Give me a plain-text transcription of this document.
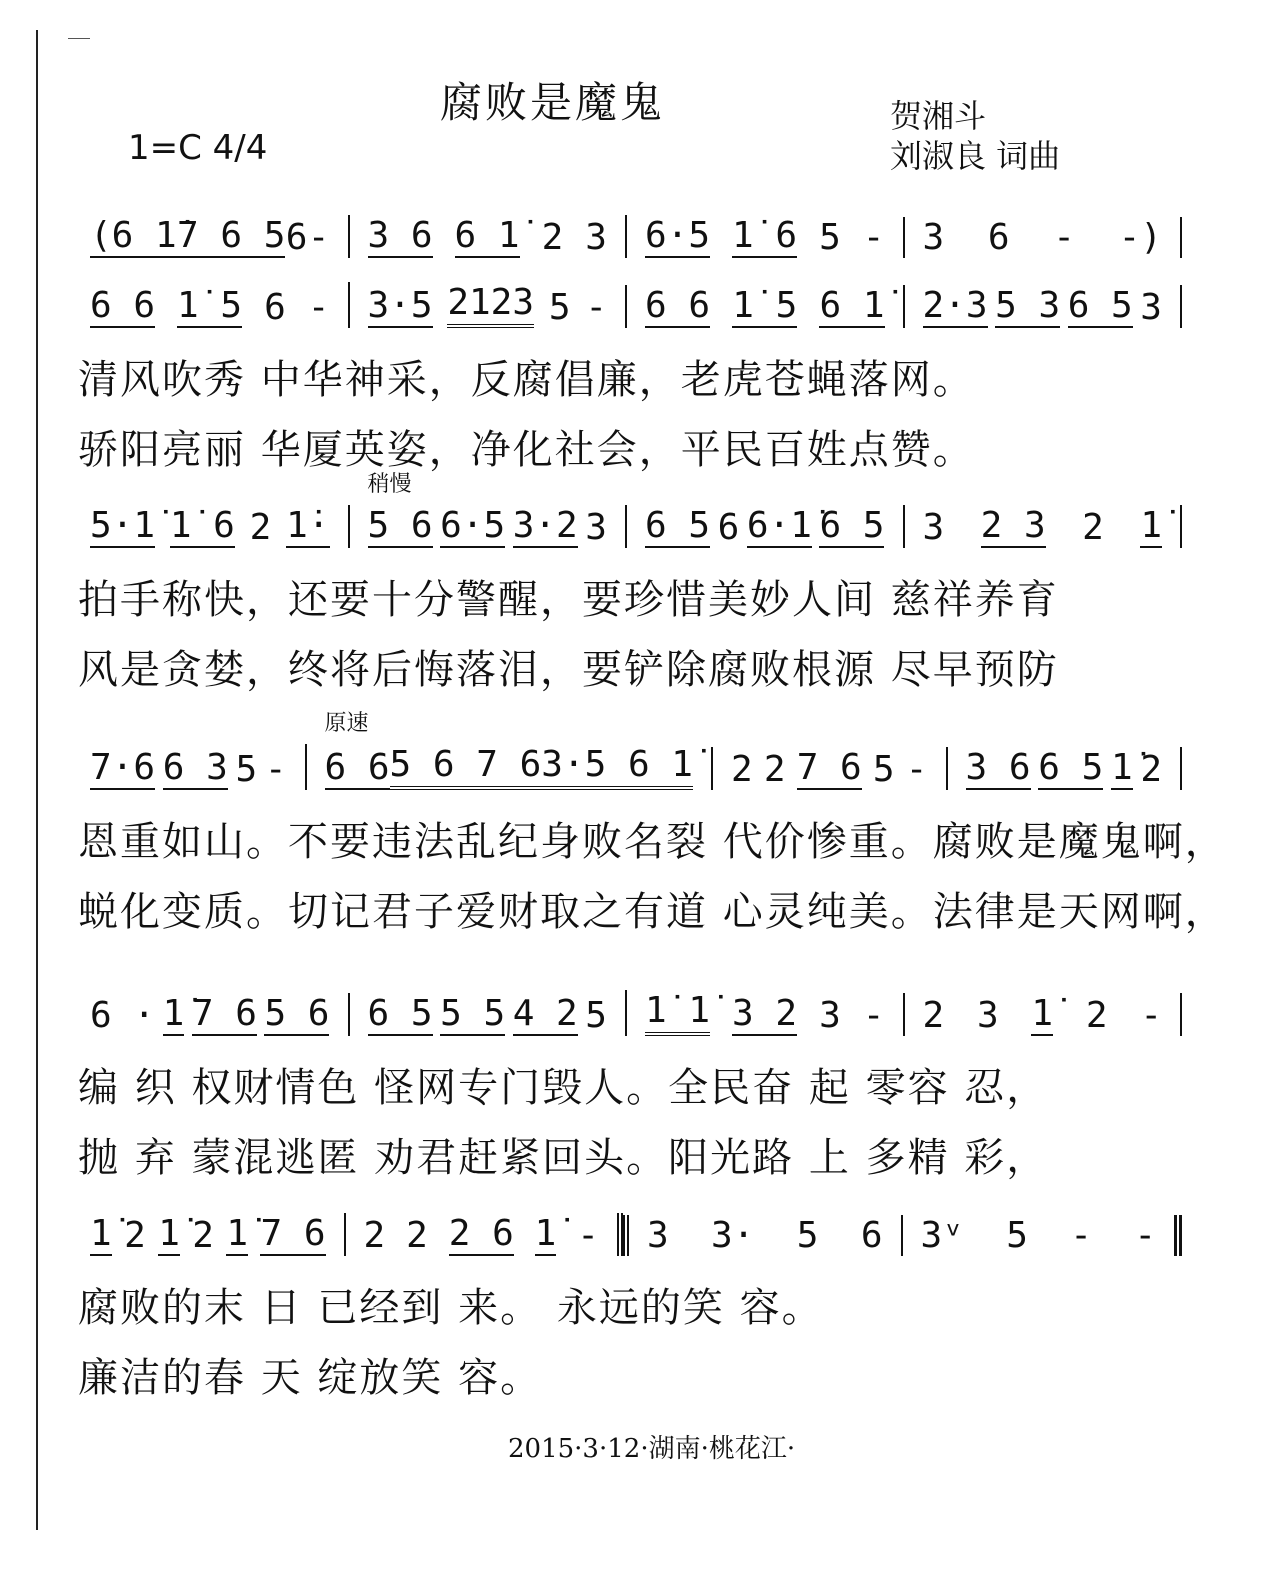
腐败是魔鬼
1=C 4/4
贺湘斗
刘淑良 词曲
(6 1̇ 7 6 5 6 - 3 6 6 1̇ 2 3 6·5 1̇ 6 5 - 3 6 - -)
6 6 1̇ 5 6 - 3·5 2123 5 - 6 6 1̇ 5 6 1̇ 2·3 5 3 6 5 3
清风吹秀 中华神采，反腐倡廉，老虎苍蝇落网。
骄阳亮丽 华厦英姿，净化社会，平民百姓点赞。
5·1̇ 1̇ 6 2 1̇·
稍慢
5 6 6·5 3·2 3 6 5 6 6·1̇ 6 5 3 2 3 2 1̇
拍手称快，还要十分警醒，要珍惜美妙人间 慈祥养育
风是贪婪，终将后悔落泪，要铲除腐败根源 尽早预防
7·6 6 3 5 -
原速
6 6 5 6 7 6 3·5 6 1̇ 2 2 7 6 5 - 3 6 6 5 1̇ 2
恩重如山。不要违法乱纪身败名裂 代价惨重。腐败是魔鬼啊，
蜕化变质。切记君子爱财取之有道 心灵纯美。法律是天网啊，
6 · 1̇ 7 6 5 6 6 5 5 5 4 2 5 1̇ 1̇ 3 2 3 - 2 3 1̇ 2 -
编 织 权财情色 怪网专门毁人。全民奋 起 零容 忍，
抛 弃 蒙混逃匿 劝君赶紧回头。阳光路 上 多精 彩，
1̇ 2 1̇ 2 1̇ 7 6 2 2 2 6 1̇ - 3 3· 5 6 3ᵛ 5 - -
腐败的末 日 已经到 来。 永远的笑 容。
廉洁的春 天 绽放笑 容。
2015·3·12·湖南·桃花江·
